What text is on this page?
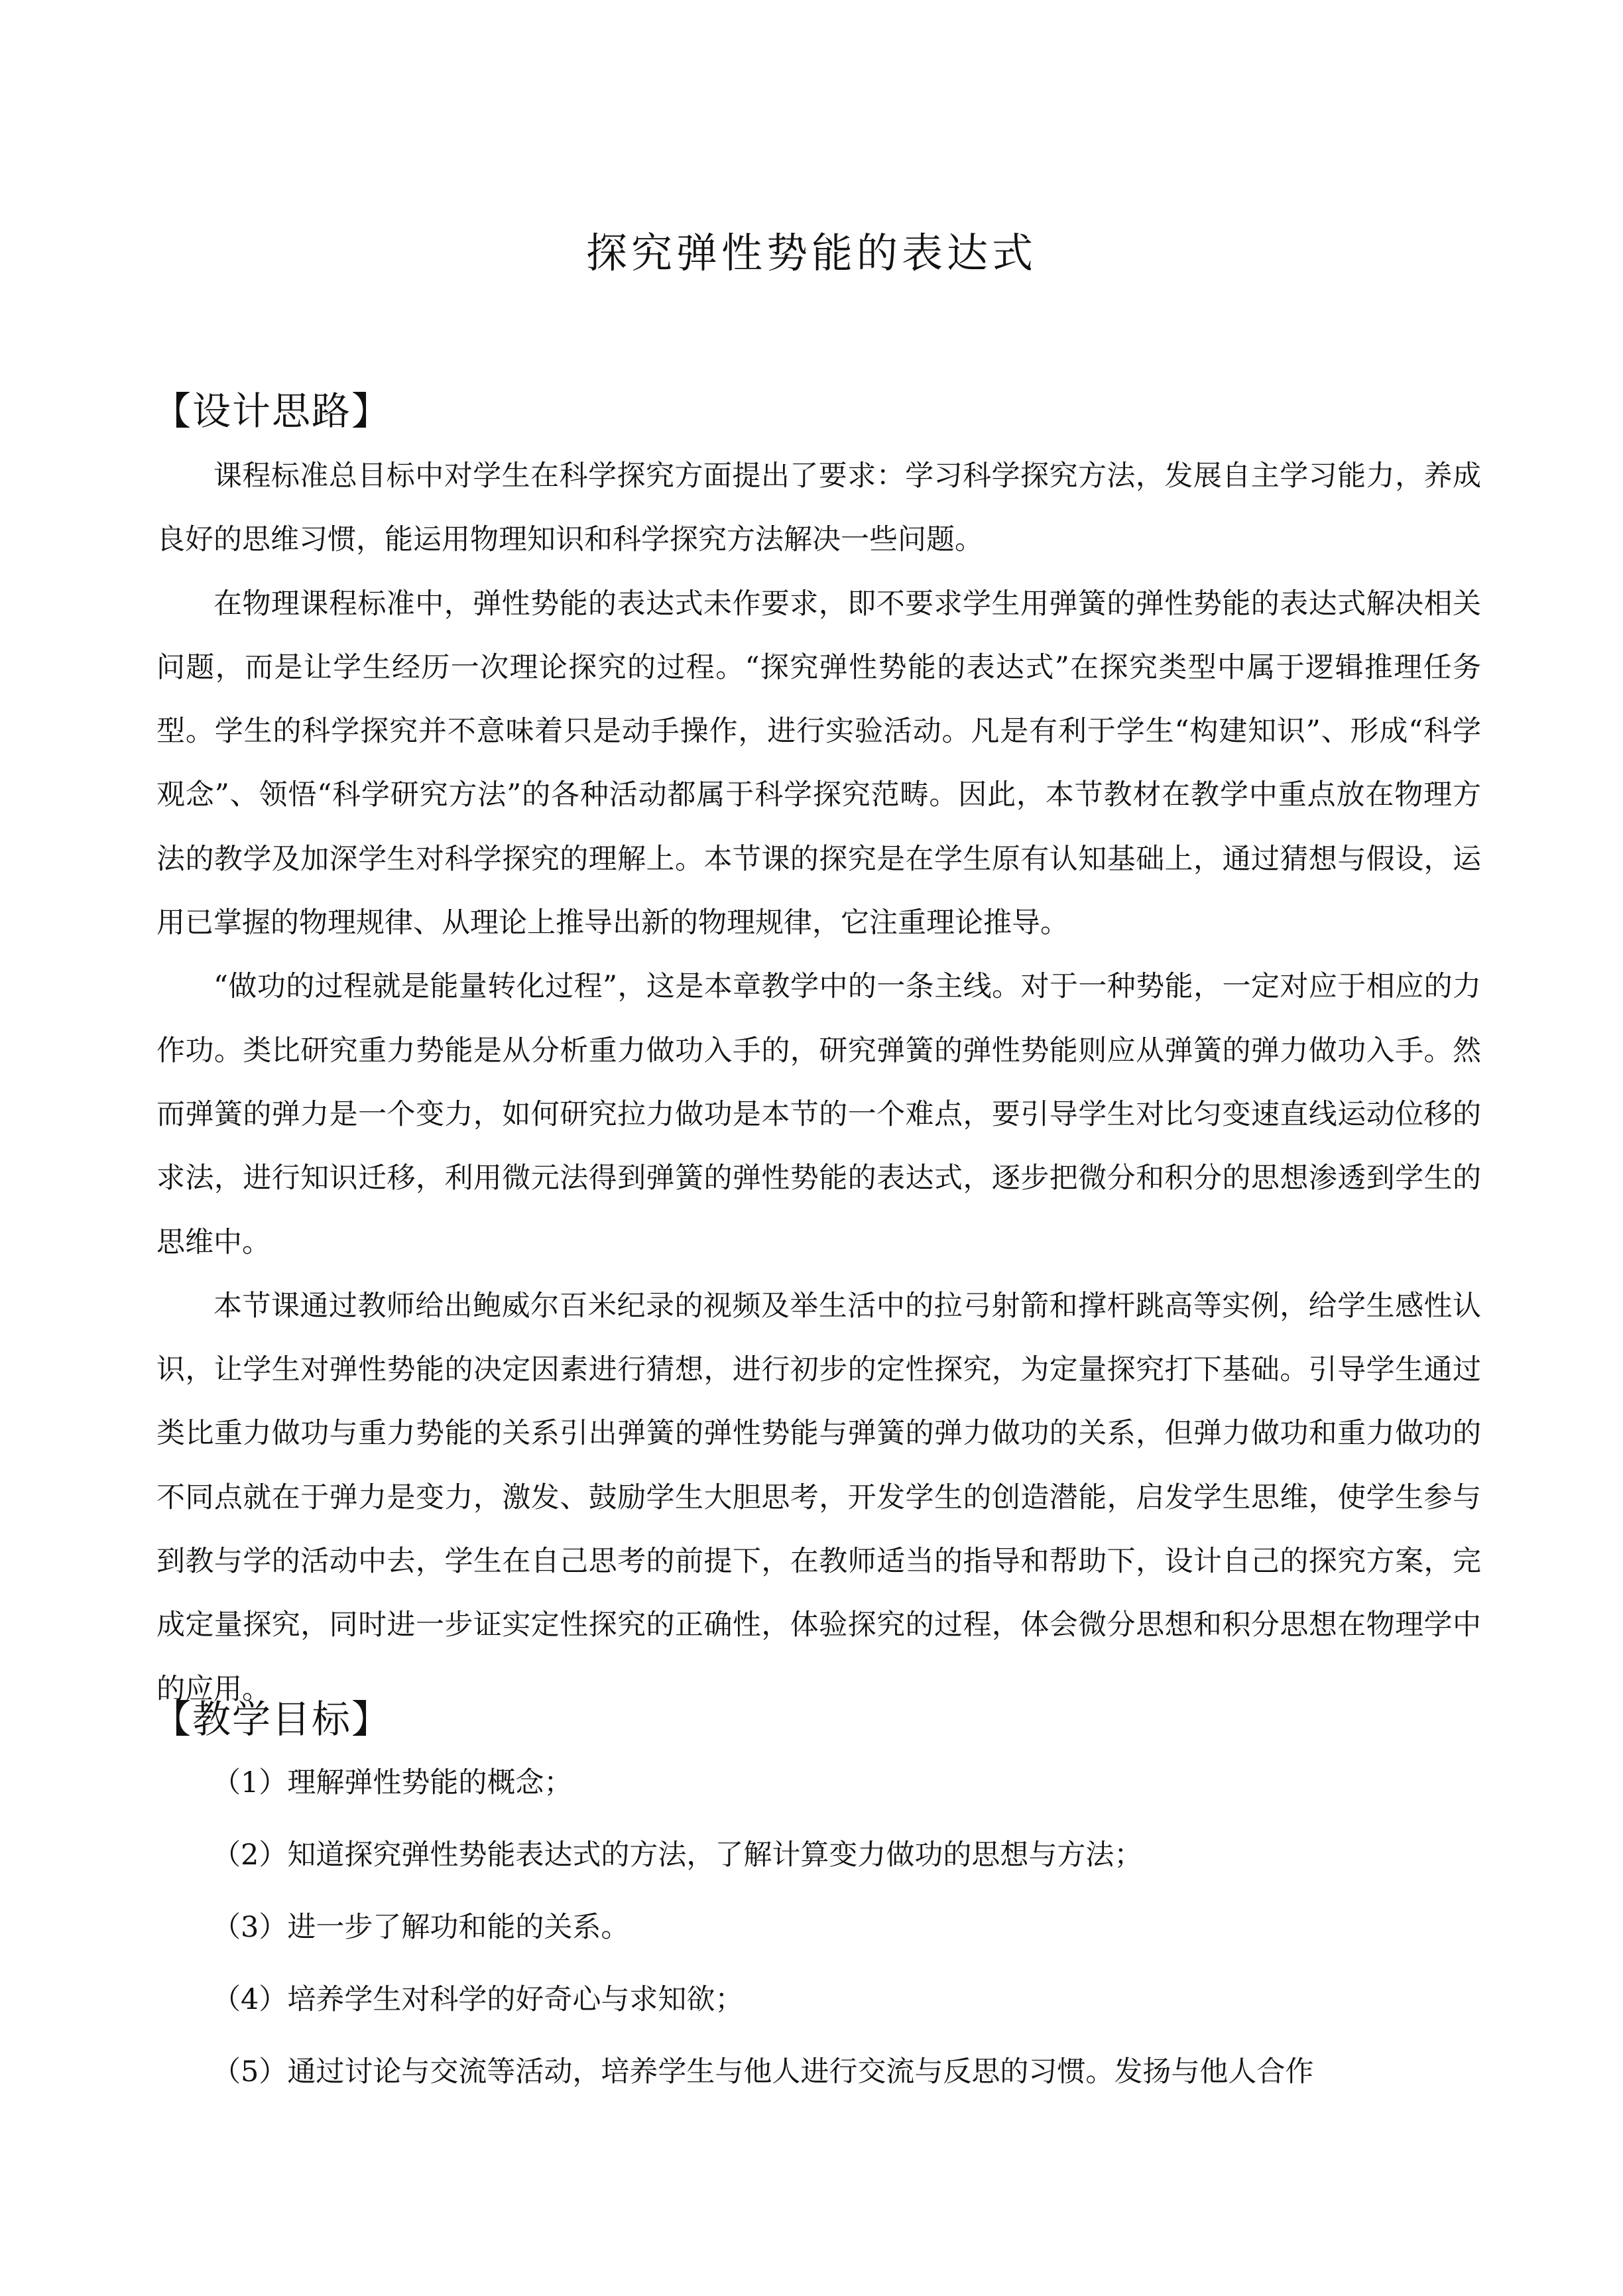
探究弹性势能的表达式
【设计思路】

课程标准总目标中对学生在科学探究方面提出了要求：学习科学探究方法，发展自主学习能力，养成良好的思维习惯，能运用物理知识和科学探究方法解决一些问题。

在物理课程标准中，弹性势能的表达式未作要求，即不要求学生用弹簧的弹性势能的表达式解决相关问题，而是让学生经历一次理论探究的过程。“探究弹性势能的表达式”在探究类型中属于逻辑推理任务型。学生的科学探究并不意味着只是动手操作，进行实验活动。凡是有利于学生“构建知识”、形成“科学观念”、领悟“科学研究方法”的各种活动都属于科学探究范畴。因此，本节教材在教学中重点放在物理方法的教学及加深学生对科学探究的理解上。本节课的探究是在学生原有认知基础上，通过猜想与假设，运用已掌握的物理规律、从理论上推导出新的物理规律，它注重理论推导。

“做功的过程就是能量转化过程”，这是本章教学中的一条主线。对于一种势能，一定对应于相应的力作功。类比研究重力势能是从分析重力做功入手的，研究弹簧的弹性势能则应从弹簧的弹力做功入手。然而弹簧的弹力是一个变力，如何研究拉力做功是本节的一个难点，要引导学生对比匀变速直线运动位移的求法，进行知识迁移，利用微元法得到弹簧的弹性势能的表达式，逐步把微分和积分的思想渗透到学生的思维中。

本节课通过教师给出鲍威尔百米纪录的视频及举生活中的拉弓射箭和撑杆跳高等实例，给学生感性认识，让学生对弹性势能的决定因素进行猜想，进行初步的定性探究，为定量探究打下基础。引导学生通过类比重力做功与重力势能的关系引出弹簧的弹性势能与弹簧的弹力做功的关系，但弹力做功和重力做功的不同点就在于弹力是变力，激发、鼓励学生大胆思考，开发学生的创造潜能，启发学生思维，使学生参与到教与学的活动中去，学生在自己思考的前提下，在教师适当的指导和帮助下，设计自己的探究方案，完成定量探究，同时进一步证实定性探究的正确性，体验探究的过程，体会微分思想和积分思想在物理学中的应用。

【教学目标】
（1）理解弹性势能的概念；
（2）知道探究弹性势能表达式的方法，了解计算变力做功的思想与方法；
（3）进一步了解功和能的关系。
（4）培养学生对科学的好奇心与求知欲；
（5）通过讨论与交流等活动，培养学生与他人进行交流与反思的习惯。发扬与他人合作
